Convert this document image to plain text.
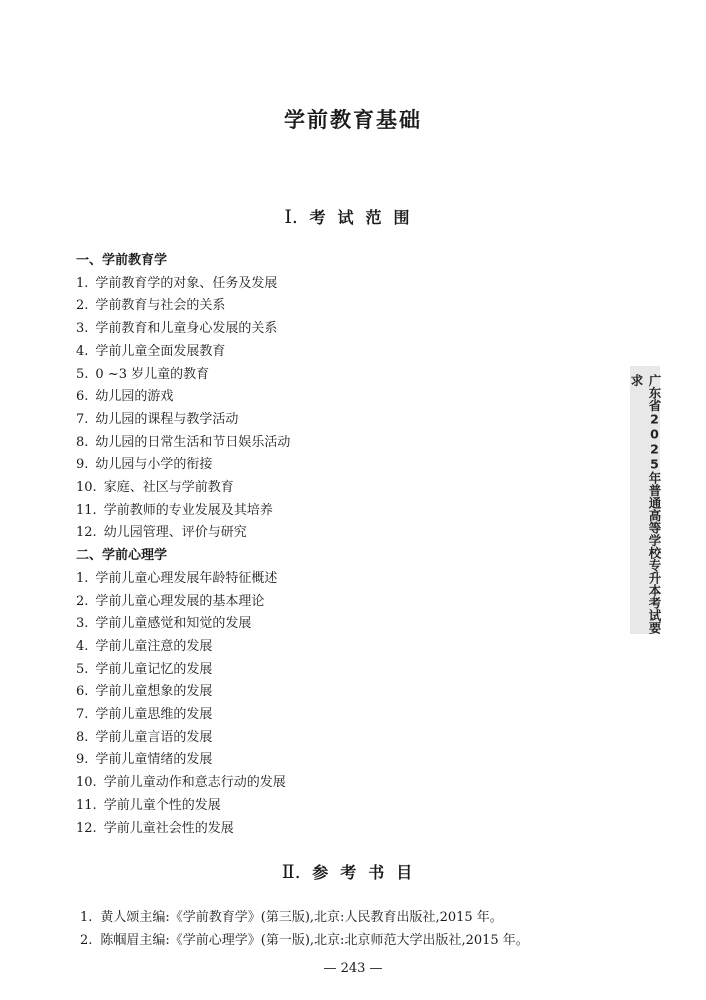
学前教育基础
Ⅰ. 考试范围
一、学前教育学
1. 学前教育学的对象、任务及发展
2. 学前教育与社会的关系
3. 学前教育和儿童身心发展的关系
4. 学前儿童全面发展教育
5. 0 ~3 岁儿童的教育
6. 幼儿园的游戏
7. 幼儿园的课程与教学活动
8. 幼儿园的日常生活和节日娱乐活动
9. 幼儿园与小学的衔接
10. 家庭、社区与学前教育
11. 学前教师的专业发展及其培养
12. 幼儿园管理、评价与研究
二、学前心理学
1. 学前儿童心理发展年龄特征概述
2. 学前儿童心理发展的基本理论
3. 学前儿童感觉和知觉的发展
4. 学前儿童注意的发展
5. 学前儿童记忆的发展
6. 学前儿童想象的发展
7. 学前儿童思维的发展
8. 学前儿童言语的发展
9. 学前儿童情绪的发展
10. 学前儿童动作和意志行动的发展
11. 学前儿童个性的发展
12. 学前儿童社会性的发展
Ⅱ. 参考书目
1. 黄人颂主编:《学前教育学》(第三版),北京:人民教育出版社,2015 年。
2. 陈帼眉主编:《学前心理学》(第一版),北京:北京师范大学出版社,2015 年。
— 243 —
广东省2025年普通高等学校专升本考试要求
